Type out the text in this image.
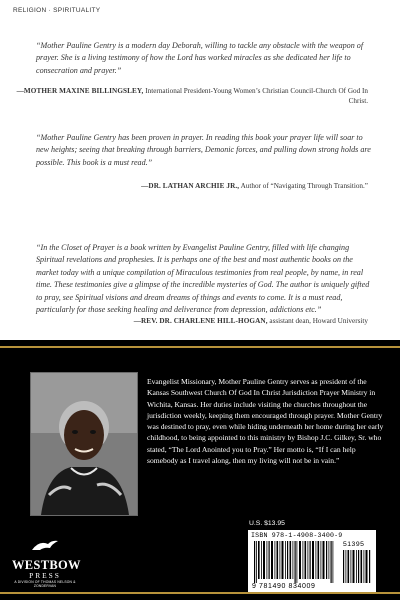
RELIGION · SPIRITUALITY
“Mother Pauline Gentry is a modern day Deborah, willing to tackle any obstacle with the weapon of prayer. She is a living testimony of how the Lord has worked miracles as she dedicated her life to consecration and prayer.”
—MOTHER MAXINE BILLINGSLEY, International President-Young Women’s Christian Council-Church Of God In Christ.
“Mother Pauline Gentry has been proven in prayer. In reading this book your prayer life will soar to new heights; seeing that breaking through barriers, Demonic forces, and pulling down strong holds are possible. This book is a must read.”
—DR. LATHAN ARCHIE JR., Author of “Navigating Through Transition.”
“In the Closet of Prayer is a book written by Evangelist Pauline Gentry, filled with life changing Spiritual revelations and prophesies. It is perhaps one of the best and most authentic books on the market today with a unique compilation of Miraculous testimonies from real people, by name, in real time. These testimonies give a glimpse of the incredible mysteries of God. The author is uniquely gifted to pray, see Spiritual visions and dream dreams of things and events to come. It is a must read, particularly for those seeking healing and deliverance from depression, addictions etc.”
—REV. DR. CHARLENE HILL-HOGAN, assistant dean, Howard University
Evangelist Missionary, Mother Pauline Gentry serves as president of the Kansas Southwest Church Of God In Christ Jurisdiction Prayer Ministry in Wichita, Kansas. Her duties include visiting the churches throughout the jurisdiction weekly, keeping them encouraged through prayer. Mother Gentry was destined to pray, even while hiding underneath her home during her early childhood, to being appointed to this ministry by Bishop J.C. Gilkey, Sr. who stated, “The Lord Anointed you to Pray.” Her motto is, “If I can help somebody as I travel along, then my living will not be in vain.”
WESTBOW
PRESS
A DIVISION OF THOMAS NELSON & ZONDERVAN
U.S. $13.95
ISBN 978-1-4908-3400-9
51395
9 781490 834009
